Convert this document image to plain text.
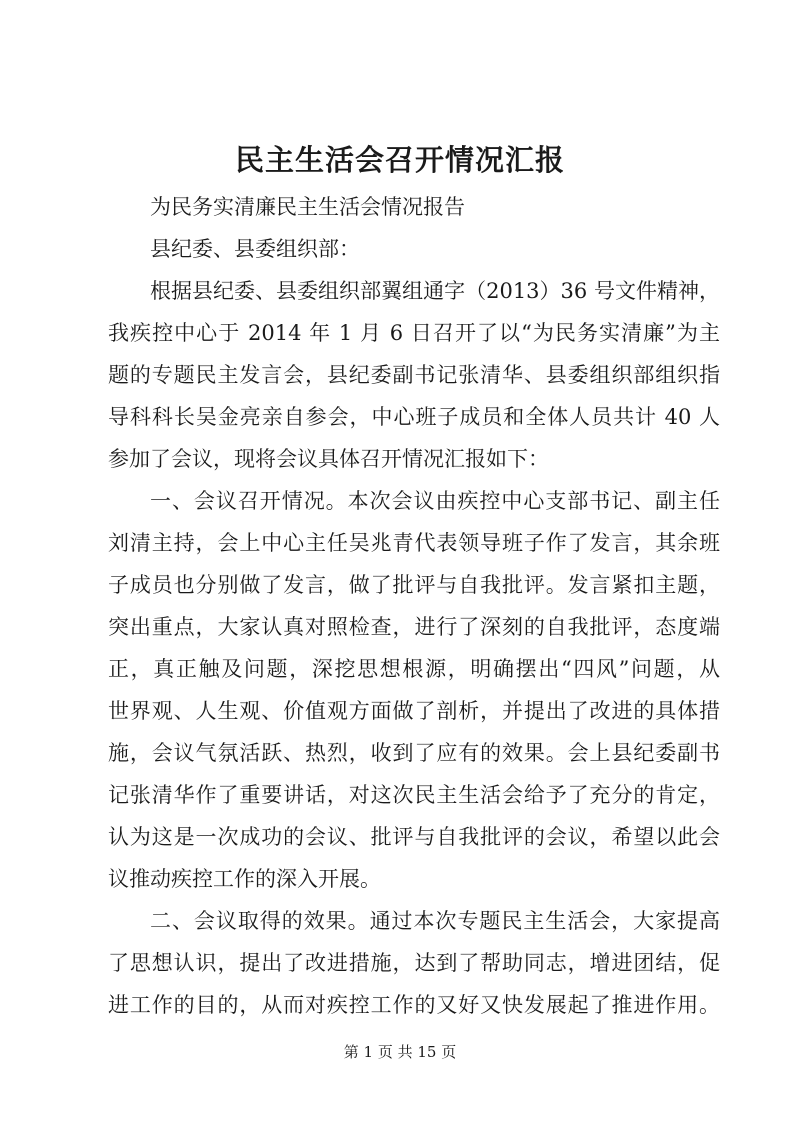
民主生活会召开情况汇报
为民务实清廉民主生活会情况报告
县纪委、县委组织部：
根据县纪委、县委组织部翼组通字（2013）36 号文件精神，
我疾控中心于 2014 年 1 月 6 日召开了以“为民务实清廉”为主
题的专题民主发言会，县纪委副书记张清华、县委组织部组织指
导科科长吴金亮亲自参会，中心班子成员和全体人员共计 40 人
参加了会议，现将会议具体召开情况汇报如下：
一、会议召开情况。本次会议由疾控中心支部书记、副主任
刘清主持，会上中心主任吴兆青代表领导班子作了发言，其余班
子成员也分别做了发言，做了批评与自我批评。发言紧扣主题，
突出重点，大家认真对照检查，进行了深刻的自我批评，态度端
正，真正触及问题，深挖思想根源，明确摆出“四风”问题，从
世界观、人生观、价值观方面做了剖析，并提出了改进的具体措
施，会议气氛活跃、热烈，收到了应有的效果。会上县纪委副书
记张清华作了重要讲话，对这次民主生活会给予了充分的肯定，
认为这是一次成功的会议、批评与自我批评的会议，希望以此会
议推动疾控工作的深入开展。
二、会议取得的效果。通过本次专题民主生活会，大家提高
了思想认识，提出了改进措施，达到了帮助同志，增进团结，促
进工作的目的，从而对疾控工作的又好又快发展起了推进作用。
第 1 页 共 15 页
